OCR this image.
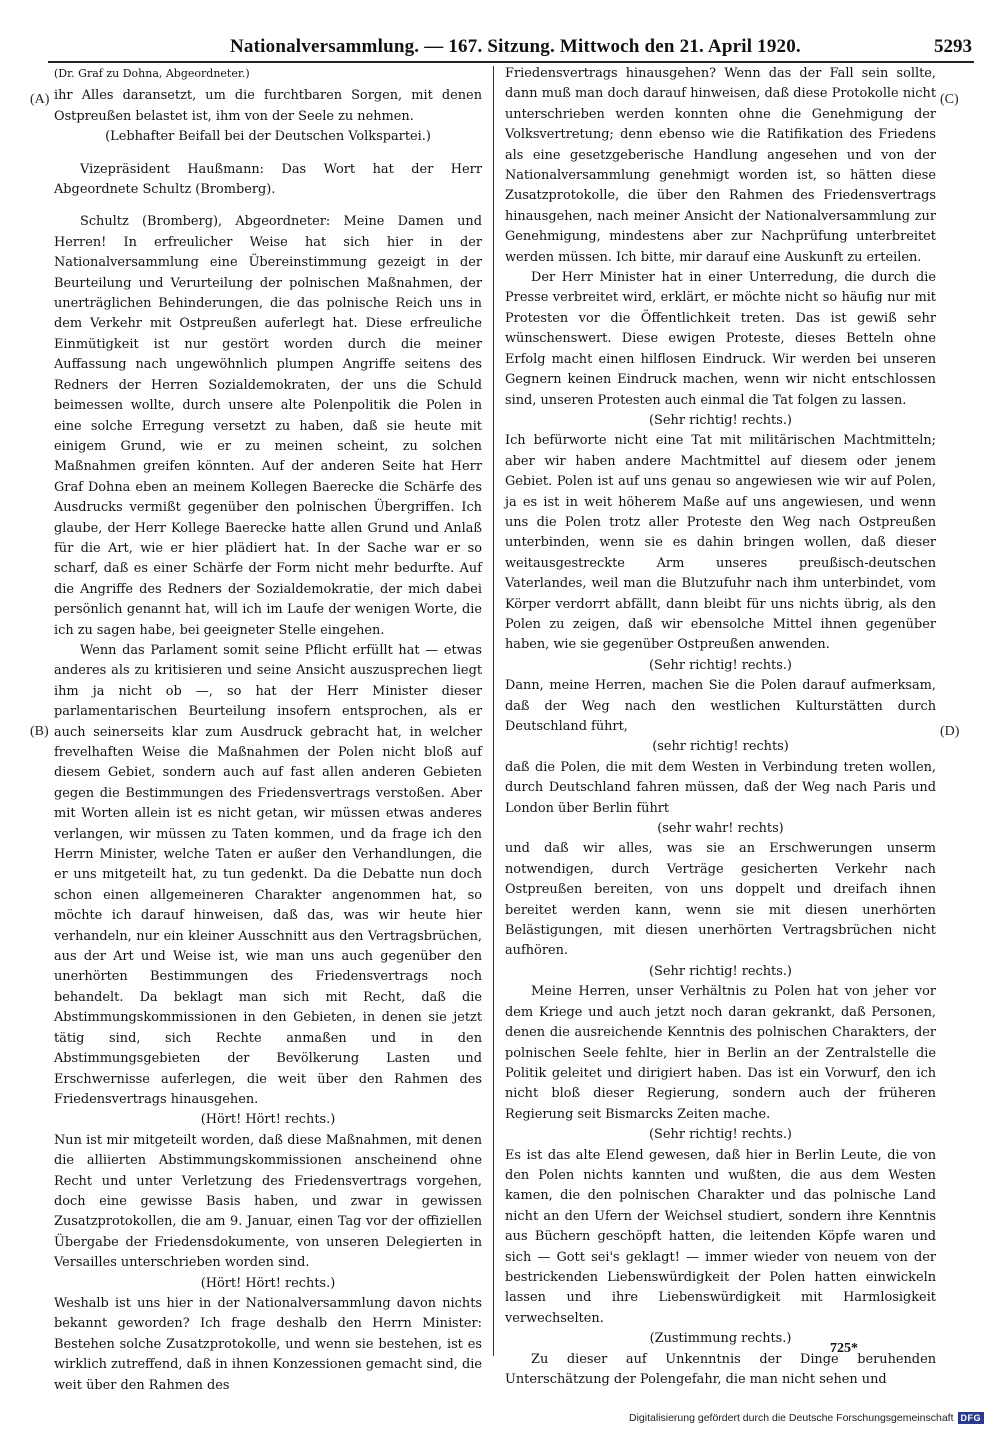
Nationalversammlung. — 167. Sitzung. Mittwoch den 21. April 1920.	5293
(A)
(B)
(C)
(D)

(Dr. Graf zu Dohna, Abgeordneter.)

ihr Alles daransetzt, um die furchtbaren Sorgen, mit denen Ostpreußen belastet ist, ihm von der Seele zu nehmen.

(Lebhafter Beifall bei der Deutschen Volkspartei.)

Vizepräsident Haußmann: Das Wort hat der Herr Abgeordnete Schultz (Bromberg).

Schultz (Bromberg), Abgeordneter: Meine Damen und Herren! In erfreulicher Weise hat sich hier in der Nationalversammlung eine Übereinstimmung gezeigt in der Beurteilung und Verurteilung der polnischen Maßnahmen, der unerträglichen Behinderungen, die das polnische Reich uns in dem Verkehr mit Ostpreußen auferlegt hat. Diese erfreuliche Einmütigkeit ist nur gestört worden durch die meiner Auffassung nach ungewöhnlich plumpen Angriffe seitens des Redners der Herren Sozialdemokraten, der uns die Schuld beimessen wollte, durch unsere alte Polenpolitik die Polen in eine solche Erregung versetzt zu haben, daß sie heute mit einigem Grund, wie er zu meinen scheint, zu solchen Maßnahmen greifen könnten. Auf der anderen Seite hat Herr Graf Dohna eben an meinem Kollegen Baerecke die Schärfe des Ausdrucks vermißt gegenüber den polnischen Übergriffen. Ich glaube, der Herr Kollege Baerecke hatte allen Grund und Anlaß für die Art, wie er hier plädiert hat. In der Sache war er so scharf, daß es einer Schärfe der Form nicht mehr bedurfte. Auf die Angriffe des Redners der Sozialdemokratie, der mich dabei persönlich genannt hat, will ich im Laufe der wenigen Worte, die ich zu sagen habe, bei geeigneter Stelle eingehen.

Wenn das Parlament somit seine Pflicht erfüllt hat — etwas anderes als zu kritisieren und seine Ansicht auszusprechen liegt ihm ja nicht ob —, so hat der Herr Minister dieser parlamentarischen Beurteilung insofern entsprochen, als er auch seinerseits klar zum Ausdruck gebracht hat, in welcher frevelhaften Weise die Maßnahmen der Polen nicht bloß auf diesem Gebiet, sondern auch auf fast allen anderen Gebieten gegen die Bestimmungen des Friedensvertrags verstoßen. Aber mit Worten allein ist es nicht getan, wir müssen etwas anderes verlangen, wir müssen zu Taten kommen, und da frage ich den Herrn Minister, welche Taten er außer den Verhandlungen, die er uns mitgeteilt hat, zu tun gedenkt. Da die Debatte nun doch schon einen allgemeineren Charakter angenommen hat, so möchte ich darauf hinweisen, daß das, was wir heute hier verhandeln, nur ein kleiner Ausschnitt aus den Vertragsbrüchen, aus der Art und Weise ist, wie man uns auch gegenüber den unerhörten Bestimmungen des Friedensvertrags noch behandelt. Da beklagt man sich mit Recht, daß die Abstimmungskommissionen in den Gebieten, in denen sie jetzt tätig sind, sich Rechte anmaßen und in den Abstimmungsgebieten der Bevölkerung Lasten und Erschwernisse auferlegen, die weit über den Rahmen des Friedensvertrags hinausgehen.

(Hört! Hört! rechts.)

Nun ist mir mitgeteilt worden, daß diese Maßnahmen, mit denen die alliierten Abstimmungskommissionen anscheinend ohne Recht und unter Verletzung des Friedensvertrags vorgehen, doch eine gewisse Basis haben, und zwar in gewissen Zusatzprotokollen, die am 9. Januar, einen Tag vor der offiziellen Übergabe der Friedensdokumente, von unseren Delegierten in Versailles unterschrieben worden sind.

(Hört! Hört! rechts.)

Weshalb ist uns hier in der Nationalversammlung davon nichts bekannt geworden? Ich frage deshalb den Herrn Minister: Bestehen solche Zusatzprotokolle, und wenn sie bestehen, ist es wirklich zutreffend, daß in ihnen Konzessionen gemacht sind, die weit über den Rahmen des

Friedensvertrags hinausgehen? Wenn das der Fall sein sollte, dann muß man doch darauf hinweisen, daß diese Protokolle nicht unterschrieben werden konnten ohne die Genehmigung der Volksvertretung; denn ebenso wie die Ratifikation des Friedens als eine gesetzgeberische Handlung angesehen und von der Nationalversammlung genehmigt worden ist, so hätten diese Zusatzprotokolle, die über den Rahmen des Friedensvertrags hinausgehen, nach meiner Ansicht der Nationalversammlung zur Genehmigung, mindestens aber zur Nachprüfung unterbreitet werden müssen. Ich bitte, mir darauf eine Auskunft zu erteilen.

Der Herr Minister hat in einer Unterredung, die durch die Presse verbreitet wird, erklärt, er möchte nicht so häufig nur mit Protesten vor die Öffentlichkeit treten. Das ist gewiß sehr wünschenswert. Diese ewigen Proteste, dieses Betteln ohne Erfolg macht einen hilflosen Eindruck. Wir werden bei unseren Gegnern keinen Eindruck machen, wenn wir nicht entschlossen sind, unseren Protesten auch einmal die Tat folgen zu lassen.

(Sehr richtig! rechts.)

Ich befürworte nicht eine Tat mit militärischen Machtmitteln; aber wir haben andere Machtmittel auf diesem oder jenem Gebiet. Polen ist auf uns genau so angewiesen wie wir auf Polen, ja es ist in weit höherem Maße auf uns angewiesen, und wenn uns die Polen trotz aller Proteste den Weg nach Ostpreußen unterbinden, wenn sie es dahin bringen wollen, daß dieser weitausgestreckte Arm unseres preußisch-deutschen Vaterlandes, weil man die Blutzufuhr nach ihm unterbindet, vom Körper verdorrt abfällt, dann bleibt für uns nichts übrig, als den Polen zu zeigen, daß wir ebensolche Mittel ihnen gegenüber haben, wie sie gegenüber Ostpreußen anwenden.

(Sehr richtig! rechts.)

Dann, meine Herren, machen Sie die Polen darauf aufmerksam, daß der Weg nach den westlichen Kulturstätten durch Deutschland führt,

(sehr richtig! rechts)

daß die Polen, die mit dem Westen in Verbindung treten wollen, durch Deutschland fahren müssen, daß der Weg nach Paris und London über Berlin führt

(sehr wahr! rechts)

und daß wir alles, was sie an Erschwerungen unserm notwendigen, durch Verträge gesicherten Verkehr nach Ostpreußen bereiten, von uns doppelt und dreifach ihnen bereitet werden kann, wenn sie mit diesen unerhörten Belästigungen, mit diesen unerhörten Vertragsbrüchen nicht aufhören.

(Sehr richtig! rechts.)

Meine Herren, unser Verhältnis zu Polen hat von jeher vor dem Kriege und auch jetzt noch daran gekrankt, daß Personen, denen die ausreichende Kenntnis des polnischen Charakters, der polnischen Seele fehlte, hier in Berlin an der Zentralstelle die Politik geleitet und dirigiert haben. Das ist ein Vorwurf, den ich nicht bloß dieser Regierung, sondern auch der früheren Regierung seit Bismarcks Zeiten mache.

(Sehr richtig! rechts.)

Es ist das alte Elend gewesen, daß hier in Berlin Leute, die von den Polen nichts kannten und wußten, die aus dem Westen kamen, die den polnischen Charakter und das polnische Land nicht an den Ufern der Weichsel studiert, sondern ihre Kenntnis aus Büchern geschöpft hatten, die leitenden Köpfe waren und sich — Gott sei's geklagt! — immer wieder von neuem von der bestrickenden Liebenswürdigkeit der Polen hatten einwickeln lassen und ihre Liebenswürdigkeit mit Harmlosigkeit verwechselten.

(Zustimmung rechts.)

Zu dieser auf Unkenntnis der Dinge beruhenden Unterschätzung der Polengefahr, die man nicht sehen und

725*
Digitalisierung gefördert durch die Deutsche Forschungsgemeinschaft DFG
